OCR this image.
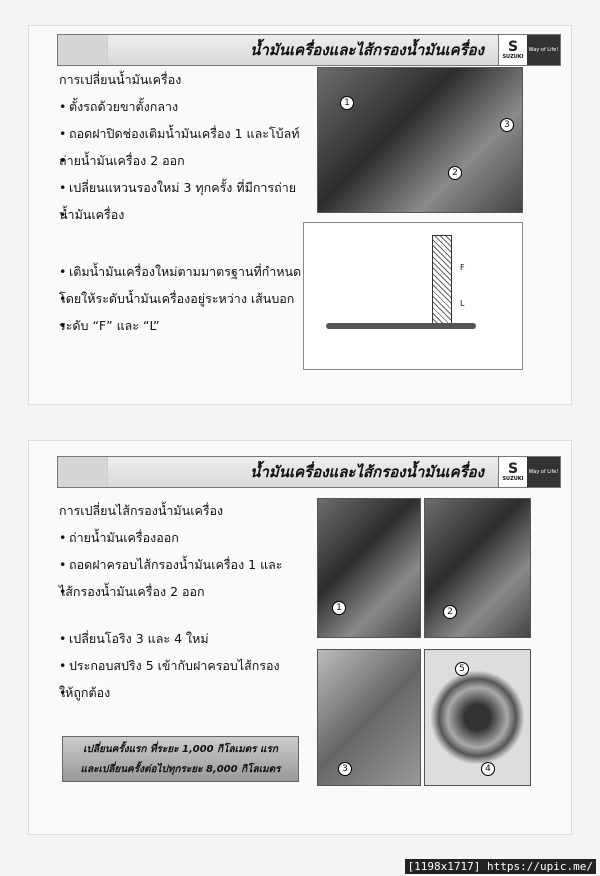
น้ำมันเครื่องและไส้กรองน้ำมันเครื่อง	S
SUZUKI
Way of Life!
การเปลี่ยนน้ำมันเครื่อง
• ตั้งรถด้วยขาตั้งกลาง
• ถอดฝาปิดช่องเติมน้ำมันเครื่อง 1 และโบ้ลท์
• ถ่ายน้ำมันเครื่อง 2 ออก
• เปลี่ยนแหวนรองใหม่ 3 ทุกครั้ง ที่มีการถ่าย
• น้ำมันเครื่อง
• เติมน้ำมันเครื่องใหม่ตามมาตรฐานที่กำหนด
• โดยให้ระดับน้ำมันเครื่องอยู่ระหว่าง เส้นบอก
• ระดับ “F” และ “L”
1
2
3
F
L
น้ำมันเครื่องและไส้กรองน้ำมันเครื่อง	S
SUZUKI
Way of Life!
การเปลี่ยนไส้กรองน้ำมันเครื่อง
• ถ่ายน้ำมันเครื่องออก
• ถอดฝาครอบไส้กรองน้ำมันเครื่อง 1 และ
• ไส้กรองน้ำมันเครื่อง 2 ออก
• เปลี่ยนโอริง 3 และ 4 ใหม่
• ประกอบสปริง 5 เข้ากับฝาครอบไส้กรอง
• ให้ถูกต้อง
เปลี่ยนครั้งแรก ที่ระยะ 1,000 กิโลเมตร แรก
และเปลี่ยนครั้งต่อไปทุกระยะ 8,000 กิโลเมตร
1	2
3
5
4
[1198x1717] https://upic.me/
